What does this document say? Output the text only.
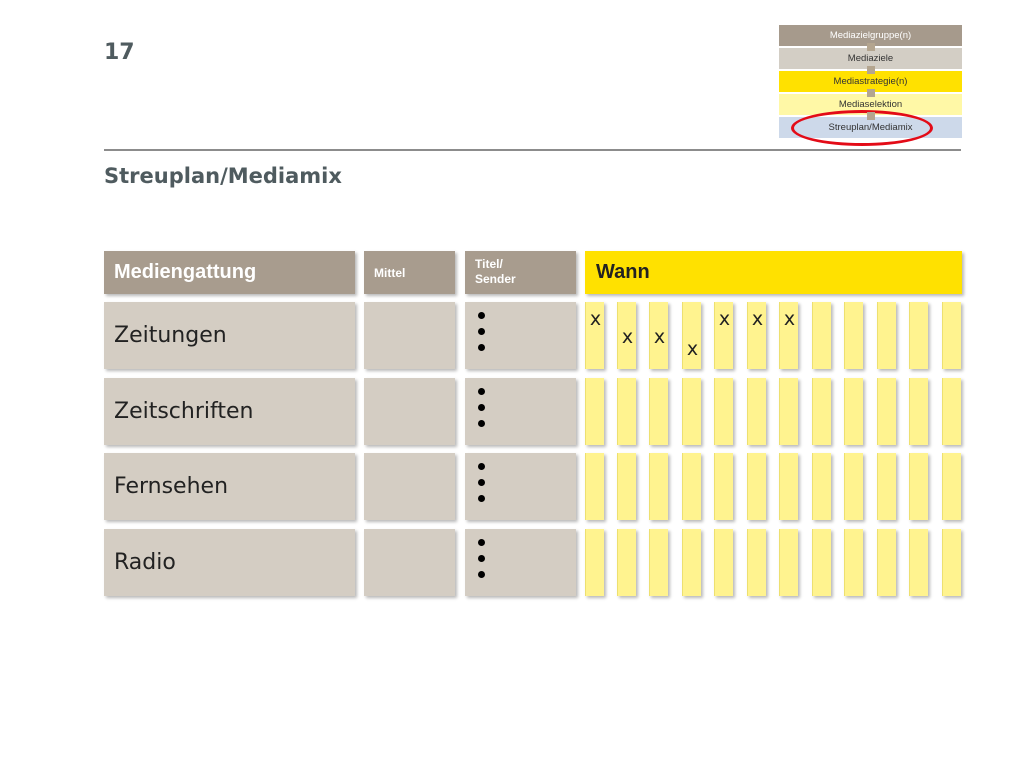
17
Mediazielgruppe(n)
Mediaziele
Mediastrategie(n)
Mediaselektion
Streuplan/Mediamix
Streuplan/Mediamix
Mediengattung	Mittel
Titel/
Sender	Wann
Zeitungen
x
x x
x
x x x
Zeitschriften
Fernsehen
Radio
